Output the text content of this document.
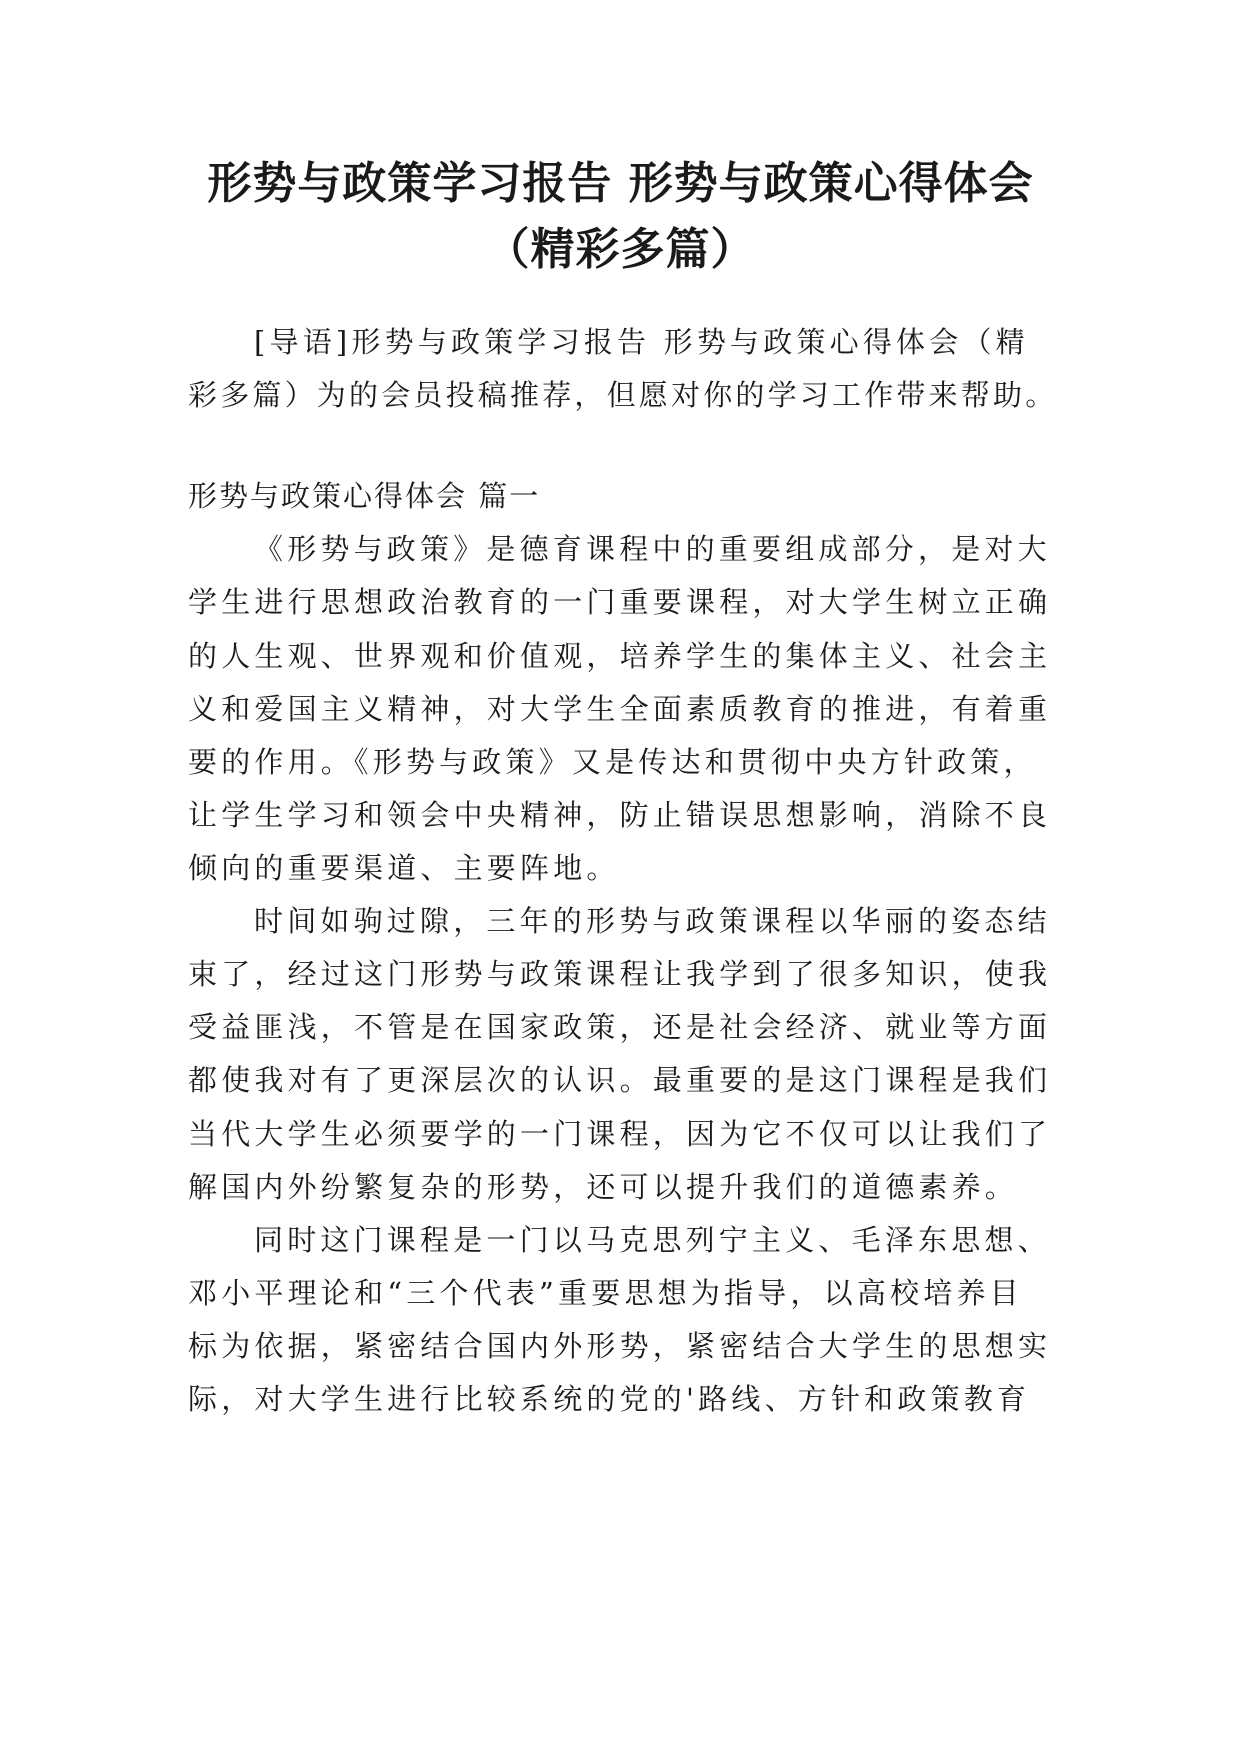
形势与政策学习报告 形势与政策心得体会
（精彩多篇）

[导语]形势与政策学习报告 形势与政策心得体会（精

彩多篇）为的会员投稿推荐，但愿对你的学习工作带来帮助。

形势与政策心得体会 篇一

《形势与政策》是德育课程中的重要组成部分，是对大

学生进行思想政治教育的一门重要课程，对大学生树立正确

的人生观、世界观和价值观，培养学生的集体主义、社会主

义和爱国主义精神，对大学生全面素质教育的推进，有着重

要的作用。《形势与政策》又是传达和贯彻中央方针政策，

让学生学习和领会中央精神，防止错误思想影响，消除不良

倾向的重要渠道、主要阵地。

时间如驹过隙，三年的形势与政策课程以华丽的姿态结

束了，经过这门形势与政策课程让我学到了很多知识，使我

受益匪浅，不管是在国家政策，还是社会经济、就业等方面

都使我对有了更深层次的认识。最重要的是这门课程是我们

当代大学生必须要学的一门课程，因为它不仅可以让我们了

解国内外纷繁复杂的形势，还可以提升我们的道德素养。

同时这门课程是一门以马克思列宁主义、毛泽东思想、

邓小平理论和“三个代表”重要思想为指导，以高校培养目

标为依据，紧密结合国内外形势，紧密结合大学生的思想实

际，对大学生进行比较系统的党的'路线、方针和政策教育
